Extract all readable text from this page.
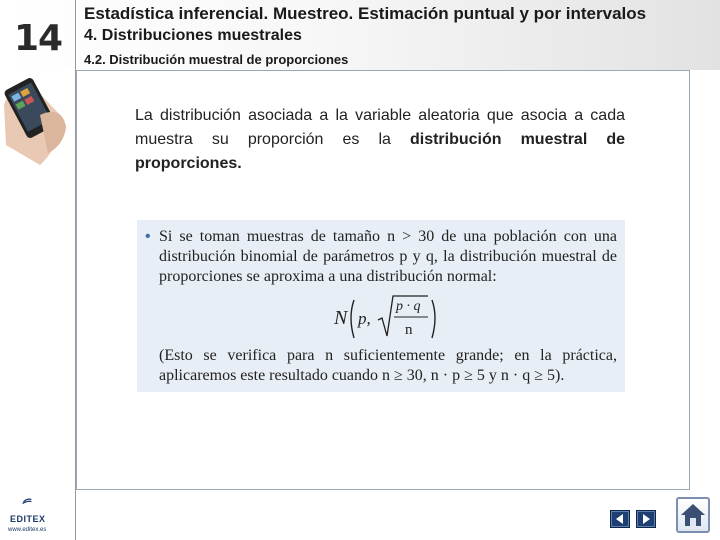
14
Estadística inferencial. Muestreo. Estimación puntual y por intervalos
4. Distribuciones muestrales
4.2. Distribución muestral de proporciones
La distribución asociada a la variable aleatoria que asocia a cada muestra su proporción es la distribución muestral de proporciones.
• Si se toman muestras de tamaño n > 30 de una población con una distribución binomial de parámetros p y q, la distribución muestral de proporciones se aproxima a una distribución normal:
N p,
p · q
n
(Esto se verifica para n suficientemente grande; en la práctica, aplicaremos este resultado cuando n ≥ 30, n · p ≥ 5 y n · q ≥ 5).
EDITEX
www.editex.es
